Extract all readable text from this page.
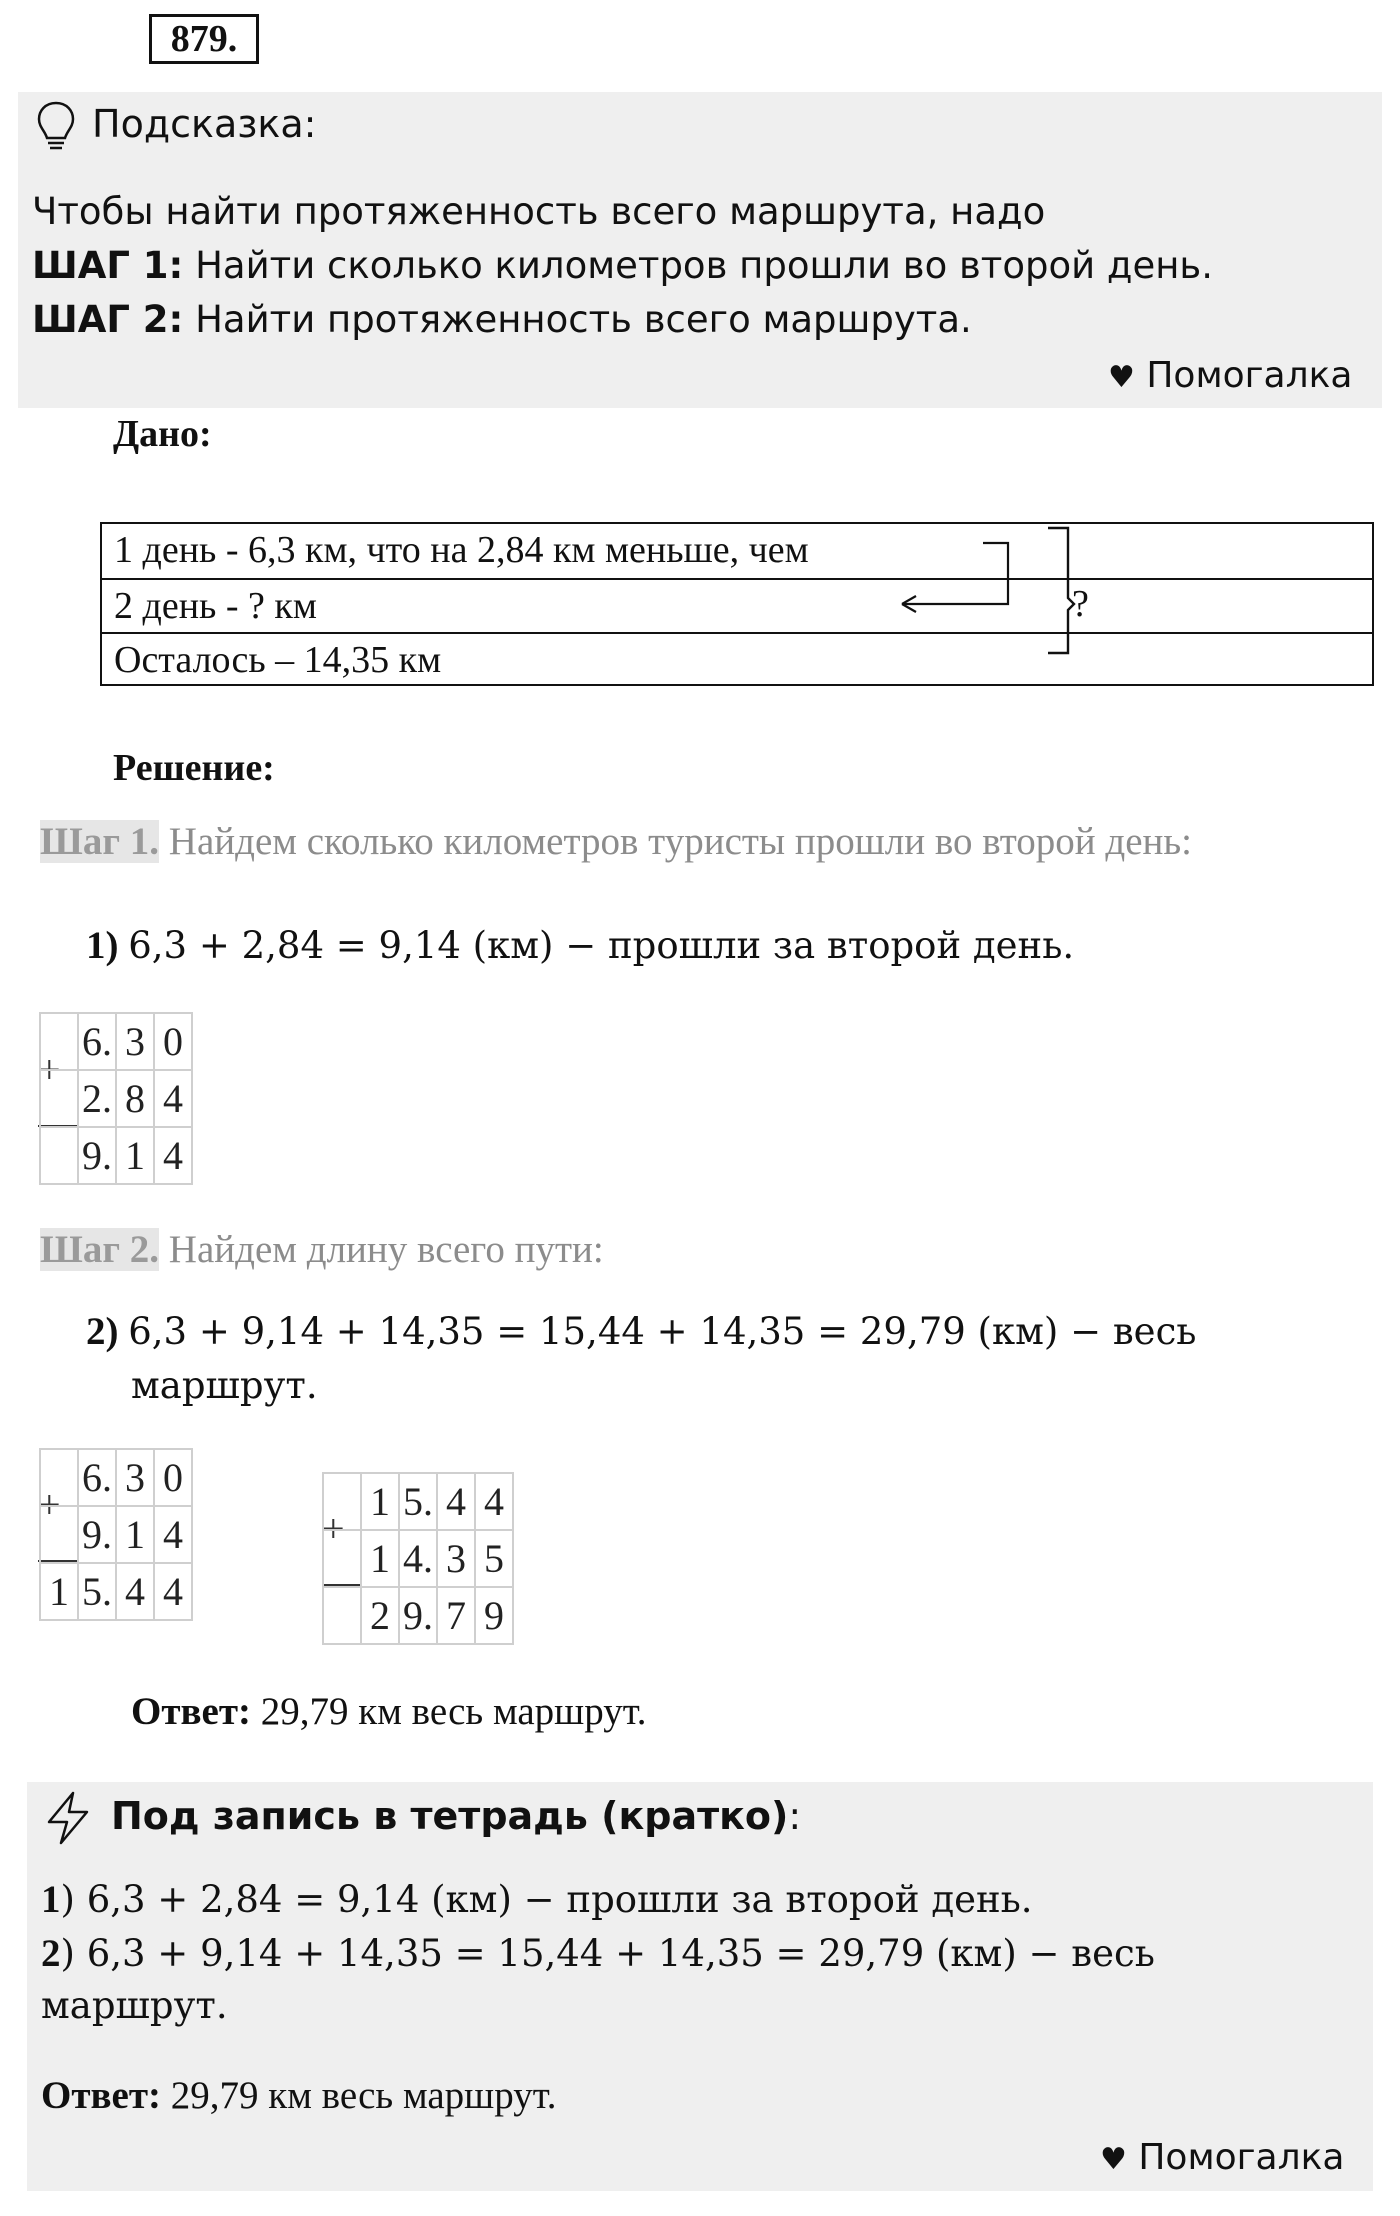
879.
Подсказка:
Чтобы найти протяженность всего маршрута, надо
ШАГ 1: Найти сколько километров прошли во второй день.
ШАГ 2: Найти протяженность всего маршрута.
♥ Помогалка
Дано:
1 день - 6,3 км, что на 2,84 км меньше, чем
2 день - ? км
Осталось – 14,35 км
?
Решение:
Шаг 1. Найдем сколько километров туристы прошли во второй день:
1) 6,3 + 2,84 = 9,14 (км) − прошли за второй день.
+
6. 3 0
2. 8 4
9. 1 4
Шаг 2. Найдем длину всего пути:
2) 6,3 + 9,14 + 14,35 = 15,44 + 14,35 = 29,79 (км) − весь
маршрут.
+
6. 3 0
9. 1 4
1 5. 4 4
+
1 5. 4 4
1 4. 3 5
2 9. 7 9
Ответ: 29,79 км весь маршрут.
Под запись в тетрадь (кратко):
1) 6,3 + 2,84 = 9,14 (км) − прошли за второй день.
2) 6,3 + 9,14 + 14,35 = 15,44 + 14,35 = 29,79 (км) − весь
маршрут.
Ответ: 29,79 км весь маршрут.
♥ Помогалка
